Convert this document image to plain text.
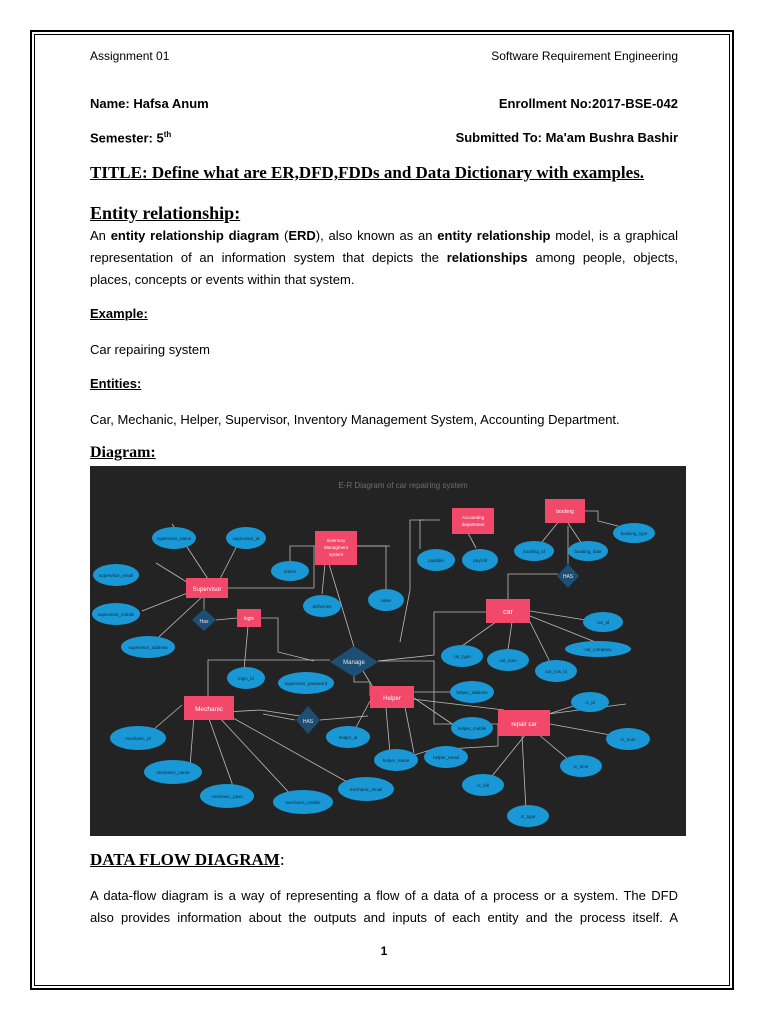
Assignment 01	Software Requirement Engineering
Name: Hafsa Anum	Enrollment No:2017-BSE-042
Semester: 5th	Submitted To: Ma'am Bushra Bashir
TITLE: Define what are ER,DFD,FDDs and Data Dictionary with examples.
Entity relationship:
An entity relationship diagram (ERD), also known as an entity relationship model, is a graphical
representation of an information system that depicts the relationships among people, objects,
places, concepts or events within that system.
Example:
Car repairing system
Entities:
Car, Mechanic, Helper, Supervisor, Inventory Management System, Accounting Department.
Diagram:
E-R Diagram of car repairing system
Has
Manage
HAS
HAS
Supervisor
Inventory
Managment
system
Accounting
department
booking
car
login
Mechanic
Helper
repair car
supervisor_name	supervisor_id
supervisor_email
supervisor_mobile
supervisor_address
orders
deliveries
sales
payable	payroll
booking_id	booking_date
booking_type
login_id
supervisor_password
car_type
car_num
car_cus_id
car_id
car_company
helper_address
helper_mobile
helper_id
helper_name
helper_email
rc_id
rc_num
rc_time
rc_bill
rc_type
mechanic_id
mechanic_name
mechanic_pass
mechanic_mobile
mechanic_email
DATA FLOW DIAGRAM:
A data-flow diagram is a way of representing a flow of a data of a process or a system. The DFD
also provides information about the outputs and inputs of each entity and the process itself. A
1
